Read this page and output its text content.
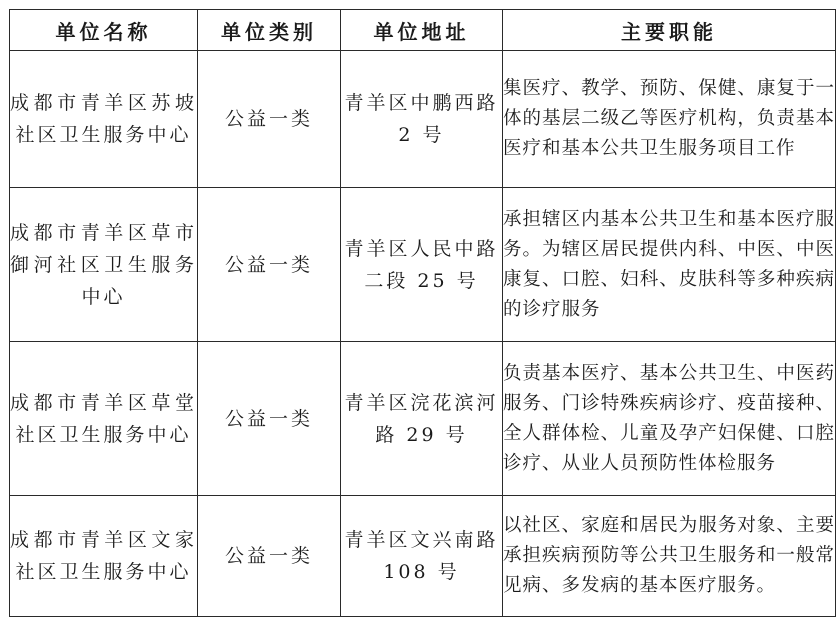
单位名称	单位类别	单位地址	主要职能
成都市青羊区苏坡社区卫生服务中心	公益一类	青羊区中鹏西路 2 号	集医疗、教学、预防、保健、康复于一体的基层二级乙等医疗机构，负责基本医疗和基本公共卫生服务项目工作
成都市青羊区草市御河社区卫生服务中心	公益一类	青羊区人民中路二段 25 号	承担辖区内基本公共卫生和基本医疗服务。为辖区居民提供内科、中医、中医康复、口腔、妇科、皮肤科等多种疾病的诊疗服务
成都市青羊区草堂社区卫生服务中心	公益一类	青羊区浣花滨河路 29 号	负责基本医疗、基本公共卫生、中医药服务、门诊特殊疾病诊疗、疫苗接种、全人群体检、儿童及孕产妇保健、口腔诊疗、从业人员预防性体检服务
成都市青羊区文家社区卫生服务中心	公益一类	青羊区文兴南路 108 号	以社区、家庭和居民为服务对象、主要承担疾病预防等公共卫生服务和一般常见病、多发病的基本医疗服务。
